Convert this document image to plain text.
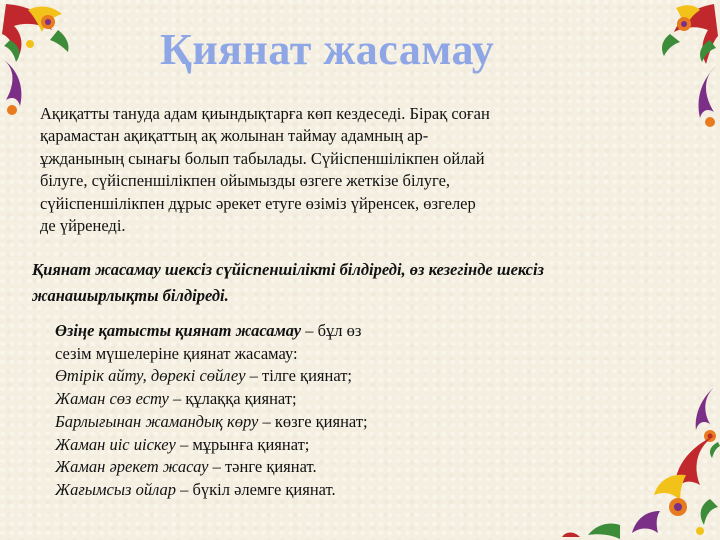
Қиянат жасамау
Ақиқатты тануда адам қиындықтарға көп кездеседі. Бірақ соған
қарамастан ақиқаттың ақ жолынан таймау адамның ар-
ұжданының сынағы болып табылады. Сүйіспеншілікпен ойлай
білуге, сүйіспеншілікпен ойымызды өзгеге жеткізе білуге,
сүйіспеншілікпен дұрыс әрекет етуге өзіміз үйренсек, өзгелер
де үйренеді.
Қиянат жасамау шексіз сүйіспеншілікті білдіреді, өз кезегінде шексіз
жанашырлықты білдіреді.
Өзіңе қатысты қиянат жасамау – бұл өз
сезім мүшелеріне қиянат жасамау:
Өтірік айту, дөрекі сөйлеу – тілге қиянат;
Жаман сөз есту – құлаққа қиянат;
Барлығынан жамандық көру – көзге қиянат;
Жаман иіс иіскеу – мұрынға қиянат;
Жаман әрекет жасау – тәнге қиянат.
Жағымсыз ойлар – бүкіл әлемге қиянат.
